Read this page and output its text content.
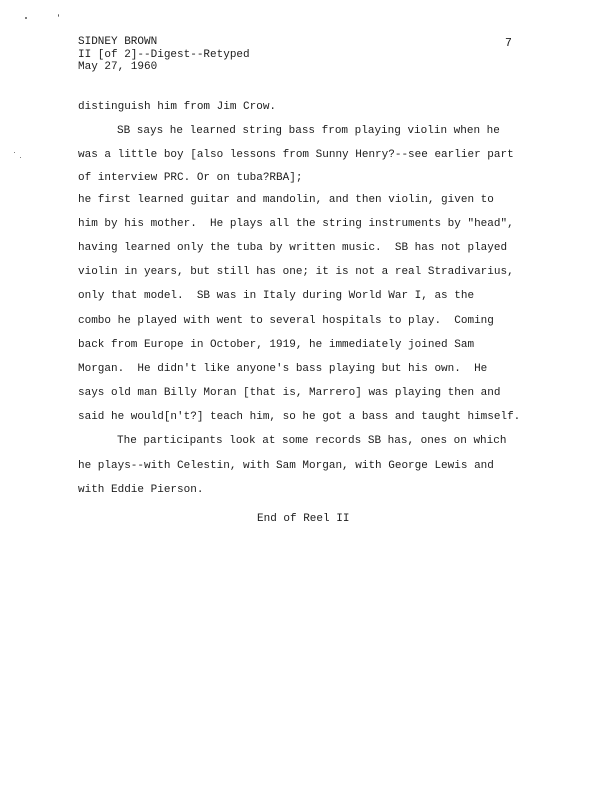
SIDNEY BROWN
II [of 2]--Digest--Retyped
May 27, 1960
7
distinguish him from Jim Crow.
SB says he learned string bass from playing violin when he
was a little boy [also lessons from Sunny Henry?--see earlier part
of interview PRC. Or on tuba?RBA];
he first learned guitar and mandolin, and then violin, given to
him by his mother.  He plays all the string instruments by "head",
having learned only the tuba by written music.  SB has not played
violin in years, but still has one; it is not a real Stradivarius,
only that model.  SB was in Italy during World War I, as the
combo he played with went to several hospitals to play.  Coming
back from Europe in October, 1919, he immediately joined Sam
Morgan.  He didn't like anyone's bass playing but his own.  He
says old man Billy Moran [that is, Marrero] was playing then and
said he would[n't?] teach him, so he got a bass and taught himself.
The participants look at some records SB has, ones on which
he plays--with Celestin, with Sam Morgan, with George Lewis and
with Eddie Pierson.
End of Reel II
